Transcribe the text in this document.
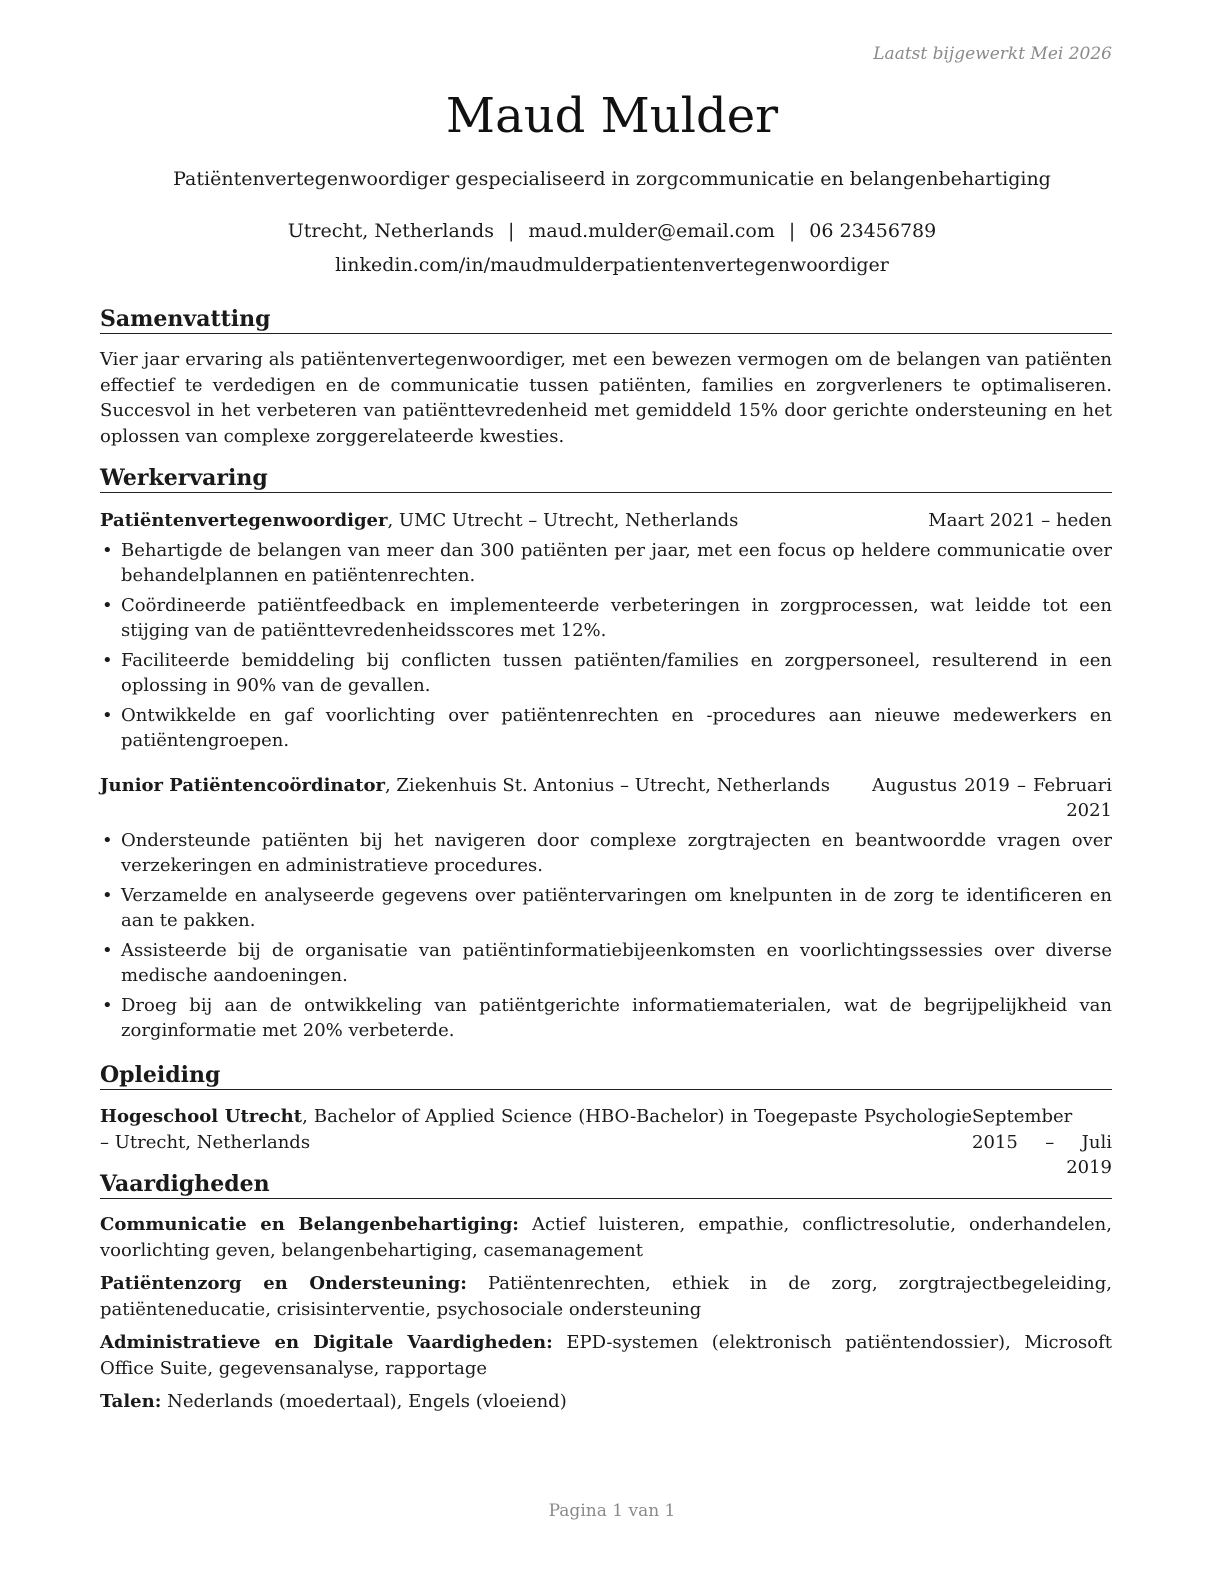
Laatst bijgewerkt Mei 2026
Maud Mulder
Patiëntenvertegenwoordiger gespecialiseerd in zorgcommunicatie en belangenbehartiging
Utrecht, Netherlands | maud.mulder@email.com | 06 23456789
linkedin.com/in/maudmulderpatientenvertegenwoordiger
Samenvatting
Vier jaar ervaring als patiëntenvertegenwoordiger, met een bewezen vermogen om de belangen van patiënten effectief te verdedigen en de communicatie tussen patiënten, families en zorgverleners te optimaliseren. Succesvol in het verbeteren van patiënttevredenheid met gemiddeld 15% door gerichte ondersteuning en het oplossen van complexe zorggerelateerde kwesties.
Werkervaring
Patiëntenvertegenwoordiger, UMC Utrecht – Utrecht, Netherlands	Maart 2021 – heden
• Behartigde de belangen van meer dan 300 patiënten per jaar, met een focus op heldere communicatie over behandelplannen en patiëntenrechten.
• Coördineerde patiëntfeedback en implementeerde verbeteringen in zorgprocessen, wat leidde tot een stijging van de patiënttevredenheidsscores met 12%.
• Faciliteerde bemiddeling bij conflicten tussen patiënten/families en zorgpersoneel, resulterend in een oplossing in 90% van de gevallen.
• Ontwikkelde en gaf voorlichting over patiëntenrechten en -procedures aan nieuwe medewerkers en patiëntengroepen.
Junior Patiëntencoördinator, Ziekenhuis St. Antonius – Utrecht, Netherlands	Augustus 2019 – Februari 2021
• Ondersteunde patiënten bij het navigeren door complexe zorgtrajecten en beantwoordde vragen over verzekeringen en administratieve procedures.
• Verzamelde en analyseerde gegevens over patiëntervaringen om knelpunten in de zorg te identificeren en aan te pakken.
• Assisteerde bij de organisatie van patiëntinformatiebijeenkomsten en voorlichtingssessies over diverse medische aandoeningen.
• Droeg bij aan de ontwikkeling van patiëntgerichte informatiematerialen, wat de begrijpelijkheid van zorginformatie met 20% verbeterde.
Opleiding
Hogeschool Utrecht, Bachelor of Applied Science (HBO-Bachelor) in Toegepaste Psychologie – Utrecht, Netherlands
September 2015 – Juli 2019
Vaardigheden
Communicatie en Belangenbehartiging: Actief luisteren, empathie, conflictresolutie, onderhandelen, voorlichting geven, belangenbehartiging, casemanagement
Patiëntenzorg en Ondersteuning: Patiëntenrechten, ethiek in de zorg, zorgtrajectbegeleiding, patiënteneducatie, crisisinterventie, psychosociale ondersteuning
Administratieve en Digitale Vaardigheden: EPD-systemen (elektronisch patiëntendossier), Microsoft Office Suite, gegevensanalyse, rapportage
Talen: Nederlands (moedertaal), Engels (vloeiend)
Pagina 1 van 1
